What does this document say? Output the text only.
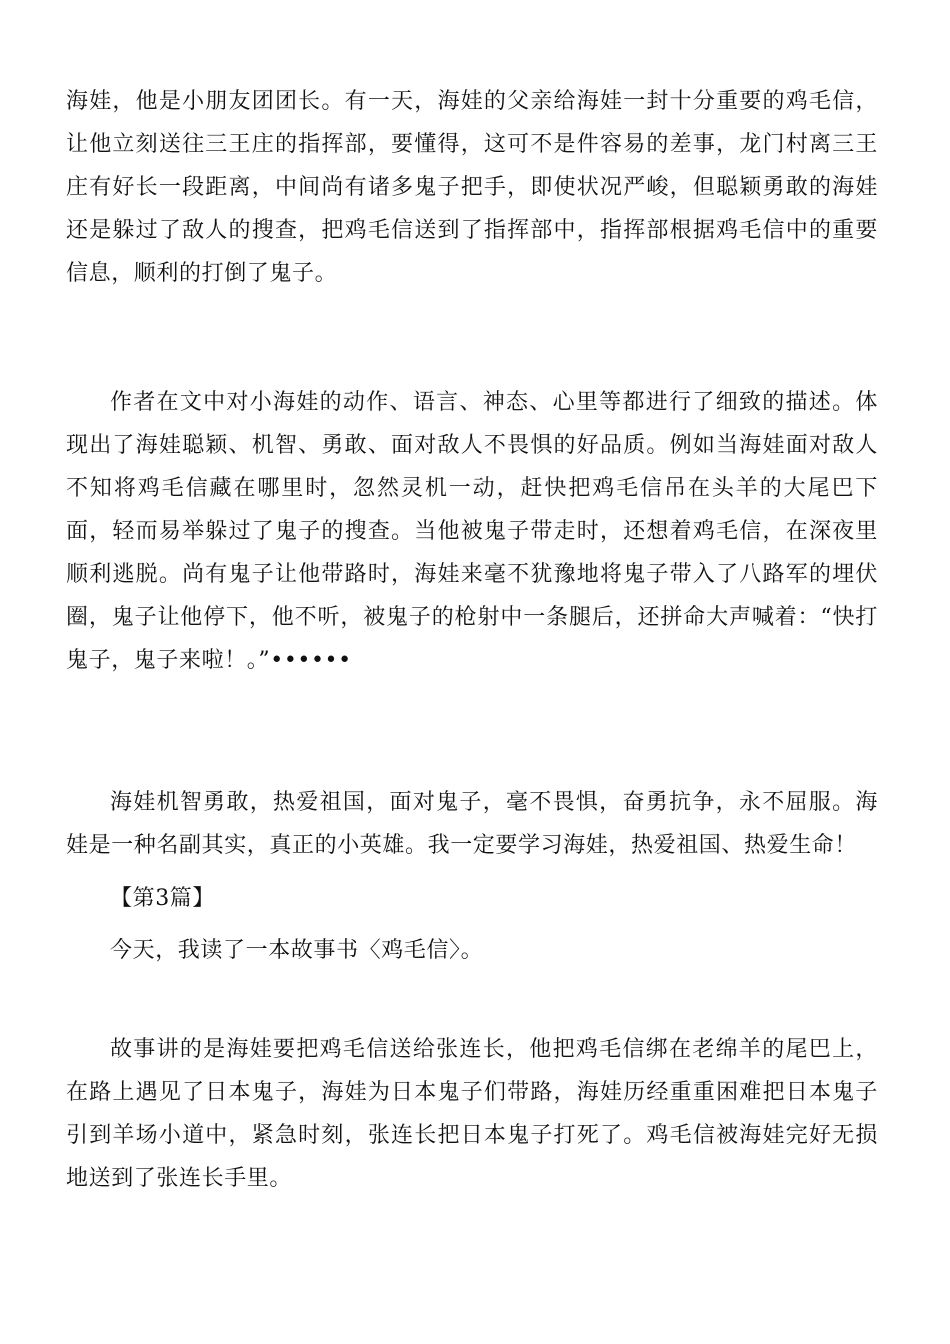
海娃，他是小朋友团团长。有一天，海娃的父亲给海娃一封十分重要的鸡毛信，让他立刻送往三王庄的指挥部，要懂得，这可不是件容易的差事，龙门村离三王庄有好长一段距离，中间尚有诸多鬼子把手，即使状况严峻，但聪颖勇敢的海娃还是躲过了敌人的搜查，把鸡毛信送到了指挥部中，指挥部根据鸡毛信中的重要信息，顺利的打倒了鬼子。

作者在文中对小海娃的动作、语言、神态、心里等都进行了细致的描述。体现出了海娃聪颖、机智、勇敢、面对敌人不畏惧的好品质。例如当海娃面对敌人不知将鸡毛信藏在哪里时，忽然灵机一动，赶快把鸡毛信吊在头羊的大尾巴下面，轻而易举躲过了鬼子的搜查。当他被鬼子带走时，还想着鸡毛信，在深夜里顺利逃脱。尚有鬼子让他带路时，海娃来毫不犹豫地将鬼子带入了八路军的埋伏圈，鬼子让他停下，他不听，被鬼子的枪射中一条腿后，还拼命大声喊着：“快打鬼子，鬼子来啦！。”••••••

海娃机智勇敢，热爱祖国，面对鬼子，毫不畏惧，奋勇抗争，永不屈服。海娃是一种名副其实，真正的小英雄。我一定要学习海娃，热爱祖国、热爱生命！

【第3篇】

今天，我读了一本故事书〈鸡毛信〉。

故事讲的是海娃要把鸡毛信送给张连长，他把鸡毛信绑在老绵羊的尾巴上，在路上遇见了日本鬼子，海娃为日本鬼子们带路，海娃历经重重困难把日本鬼子引到羊场小道中，紧急时刻，张连长把日本鬼子打死了。鸡毛信被海娃完好无损地送到了张连长手里。
